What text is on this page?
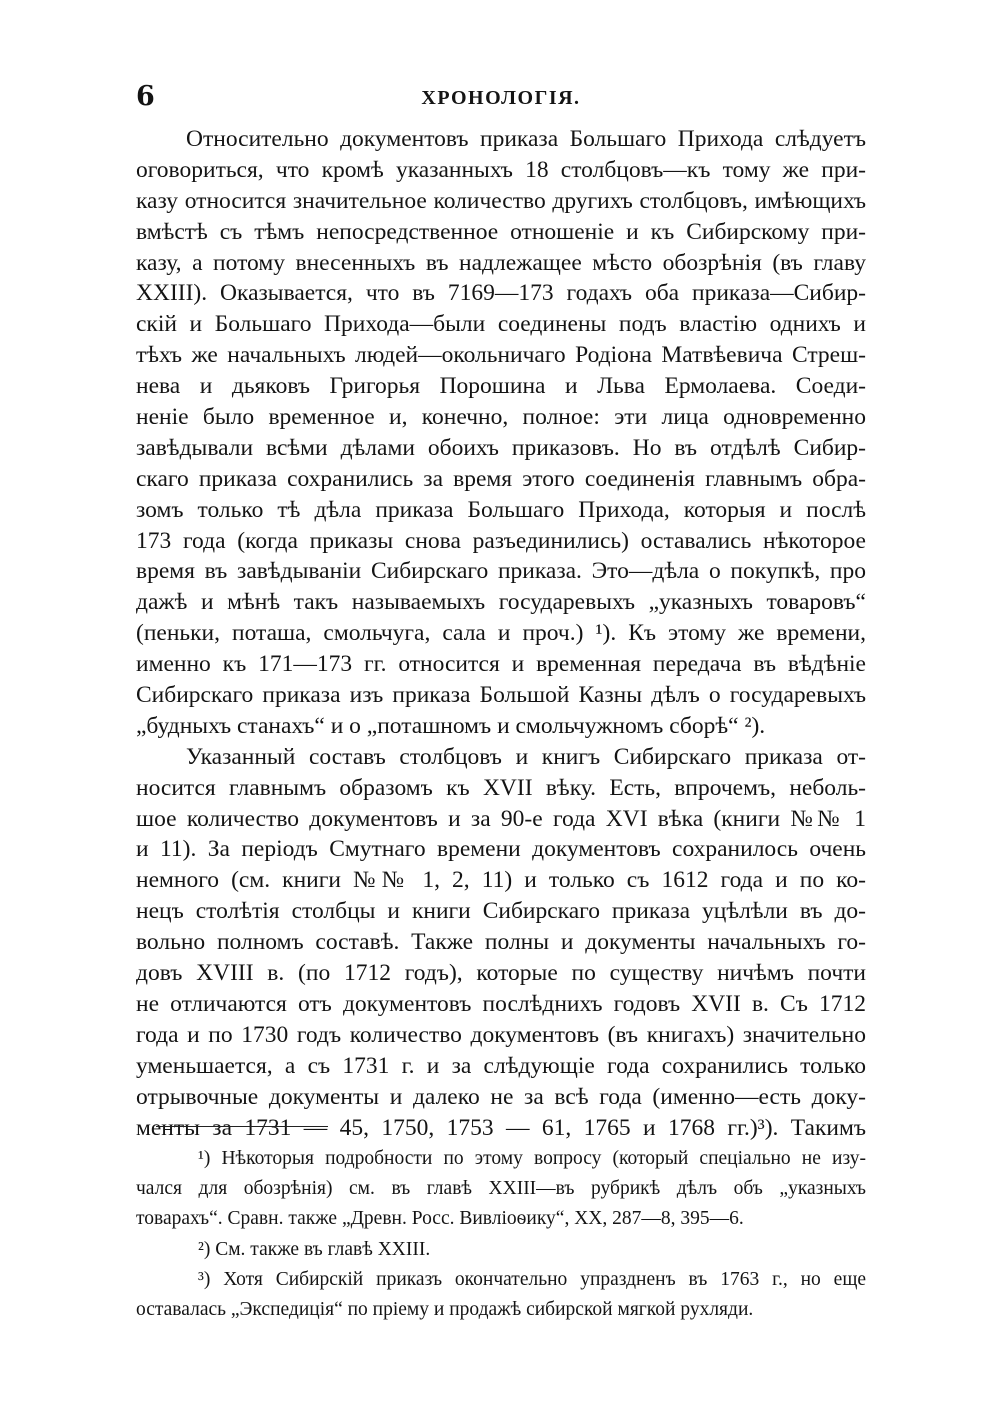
6	ХРОНОЛОГІЯ.
Относительно документовъ приказа Большаго Прихода слѣдуетъ
оговориться, что кромѣ указанныхъ 18 столбцовъ—къ тому же при-
казу относится значительное количество другихъ столбцовъ, имѣющихъ
вмѣстѣ съ тѣмъ непосредственное отношеніе и къ Сибирскому при-
казу, а потому внесенныхъ въ надлежащее мѣсто обозрѣнія (въ главу
XXIII). Оказывается, что въ 7169—173 годахъ оба приказа—Сибир-
скій и Большаго Прихода—были соединены подъ властію однихъ и
тѣхъ же начальныхъ людей—окольничаго Родіона Матвѣевича Стреш-
нева и дьяковъ Григорья Порошина и Льва Ермолаева. Соеди-
неніе было временное и, конечно, полное: эти лица одновременно
завѣдывали всѣми дѣлами обоихъ приказовъ. Но въ отдѣлѣ Сибир-
скаго приказа сохранились за время этого соединенія главнымъ обра-
зомъ только тѣ дѣла приказа Большаго Прихода, которыя и послѣ
173 года (когда приказы снова разъединились) оставались нѣкоторое
время въ завѣдываніи Сибирскаго приказа. Это—дѣла о покупкѣ, про
дажѣ и мѣнѣ такъ называемыхъ государевыхъ „указныхъ товаровъ“
(пеньки, поташа, смольчуга, сала и проч.) ¹). Къ этому же времени,
именно къ 171—173 гг. относится и временная передача въ вѣдѣніе
Сибирскаго приказа изъ приказа Большой Казны дѣлъ о государевыхъ
„будныхъ станахъ“ и о „поташномъ и смольчужномъ сборѣ“ ²).
Указанный составъ столбцовъ и книгъ Сибирскаго приказа от-
носится главнымъ образомъ къ XVII вѣку. Есть, впрочемъ, неболь-
шое количество документовъ и за 90-е года XVI вѣка (книги №№ 1
и 11). За періодъ Смутнаго времени документовъ сохранилось очень
немного (см. книги №№ 1, 2, 11) и только съ 1612 года и по ко-
нецъ столѣтія столбцы и книги Сибирскаго приказа уцѣлѣли въ до-
вольно полномъ составѣ. Также полны и документы начальныхъ го-
довъ XVIII в. (по 1712 годъ), которые по существу ничѣмъ почти
не отличаются отъ документовъ послѣднихъ годовъ XVII в. Съ 1712
года и по 1730 годъ количество документовъ (въ книгахъ) значительно
уменьшается, а съ 1731 г. и за слѣдующіе года сохранились только
отрывочные документы и далеко не за всѣ года (именно—есть доку-
менты за 1731 — 45, 1750, 1753 — 61, 1765 и 1768 гг.)³). Такимъ
¹) Нѣкоторыя подробности по этому вопросу (который спеціально не изу-
чался для обозрѣнія) см. въ главѣ XXIII—въ рубрикѣ дѣлъ объ „указныхъ
товарахъ“. Сравн. также „Древн. Росс. Вивліоѳику“, XX, 287—8, 395—6.
²) См. также въ главѣ XXIII.
³) Хотя Сибирскій приказъ окончательно упраздненъ въ 1763 г., но еще
оставалась „Экспедиція“ по пріему и продажѣ сибирской мягкой рухляди.
